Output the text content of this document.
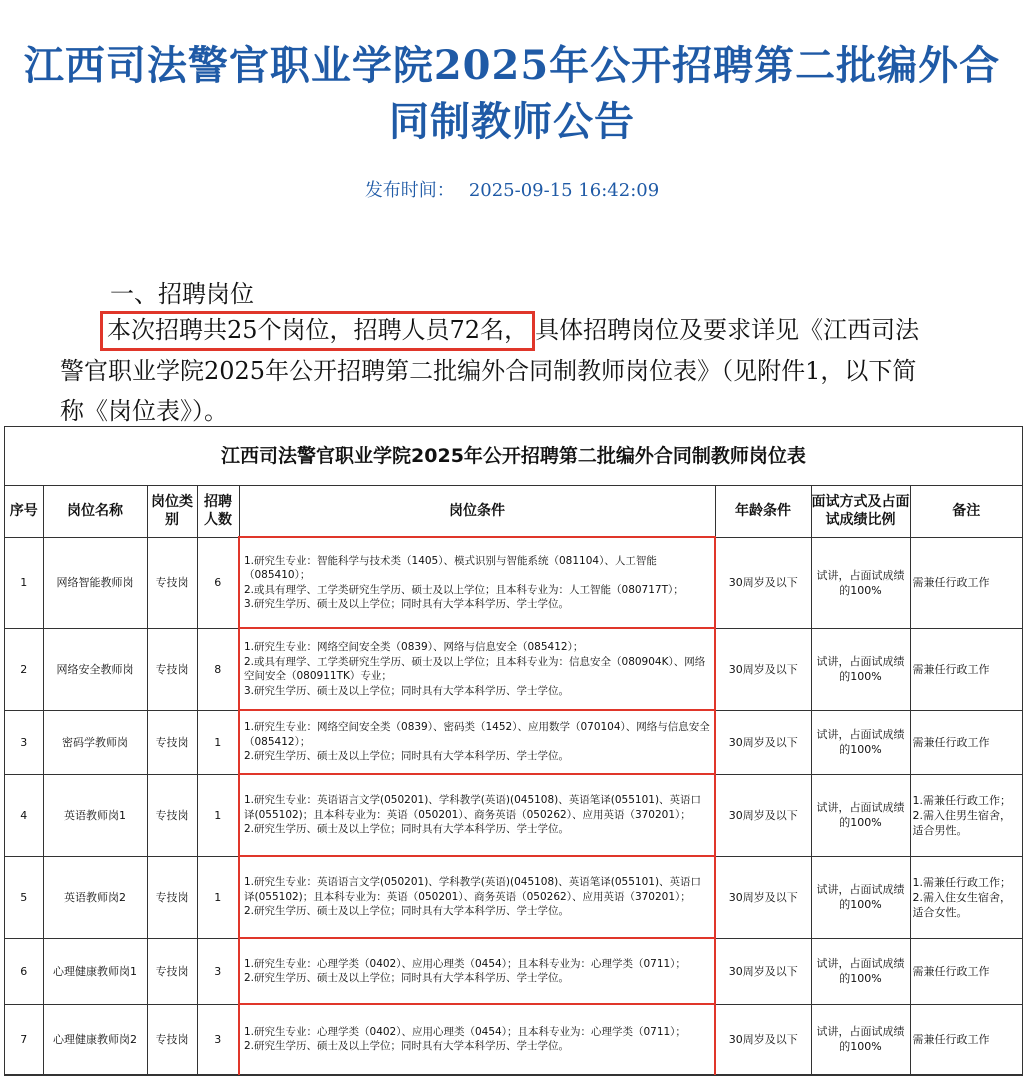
江西司法警官职业学院2025年公开招聘第二批编外合
同制教师公告
发布时间： 2025-09-15 16:42:09
一、招聘岗位
本次招聘共25个岗位，招聘人员72名， 具体招聘岗位及要求详见《江西司法
警官职业学院2025年公开招聘第二批编外合同制教师岗位表》（见附件1，以下简
称《岗位表》）。
江西司法警官职业学院2025年公开招聘第二批编外合同制教师岗位表
序号	岗位名称	岗位类别	招聘人数	岗位条件	年龄条件	面试方式及占面试成绩比例	备注
1	网络智能教师岗	专技岗	6	1.研究生专业：智能科学与技术类（1405）、模式识别与智能系统（081104）、人工智能（085410）；
2.或具有理学、工学类研究生学历、硕士及以上学位；且本科专业为：人工智能（080717T）；
3.研究生学历、硕士及以上学位；同时具有大学本科学历、学士学位。	30周岁及以下	试讲，占面试成绩的100%	需兼任行政工作
2	网络安全教师岗	专技岗	8	1.研究生专业：网络空间安全类（0839）、网络与信息安全（085412）；
2.或具有理学、工学类研究生学历、硕士及以上学位；且本科专业为：信息安全（080904K）、网络空间安全（080911TK）专业；
3.研究生学历、硕士及以上学位；同时具有大学本科学历、学士学位。	30周岁及以下	试讲，占面试成绩的100%	需兼任行政工作
3	密码学教师岗	专技岗	1	1.研究生专业：网络空间安全类（0839）、密码类（1452）、应用数学（070104）、网络与信息安全（085412）；
2.研究生学历、硕士及以上学位；同时具有大学本科学历、学士学位。	30周岁及以下	试讲，占面试成绩的100%	需兼任行政工作
4	英语教师岗1	专技岗	1	1.研究生专业：英语语言文学(050201)、学科教学(英语)(045108)、英语笔译(055101)、英语口译(055102)；且本科专业为：英语（050201）、商务英语（050262）、应用英语（370201）；
2.研究生学历、硕士及以上学位；同时具有大学本科学历、学士学位。	30周岁及以下	试讲，占面试成绩的100%	1.需兼任行政工作；2.需入住男生宿舍，适合男性。
5	英语教师岗2	专技岗	1	1.研究生专业：英语语言文学(050201)、学科教学(英语)(045108)、英语笔译(055101)、英语口译(055102)；且本科专业为：英语（050201）、商务英语（050262）、应用英语（370201）；
2.研究生学历、硕士及以上学位；同时具有大学本科学历、学士学位。	30周岁及以下	试讲，占面试成绩的100%	1.需兼任行政工作；2.需入住女生宿舍，适合女性。
6	心理健康教师岗1	专技岗	3	1.研究生专业：心理学类（0402）、应用心理类（0454）；且本科专业为：心理学类（0711）；
2.研究生学历、硕士及以上学位；同时具有大学本科学历、学士学位。	30周岁及以下	试讲，占面试成绩的100%	需兼任行政工作
7	心理健康教师岗2	专技岗	3	1.研究生专业：心理学类（0402）、应用心理类（0454）；且本科专业为：心理学类（0711）；
2.研究生学历、硕士及以上学位；同时具有大学本科学历、学士学位。	30周岁及以下	试讲，占面试成绩的100%	需兼任行政工作
